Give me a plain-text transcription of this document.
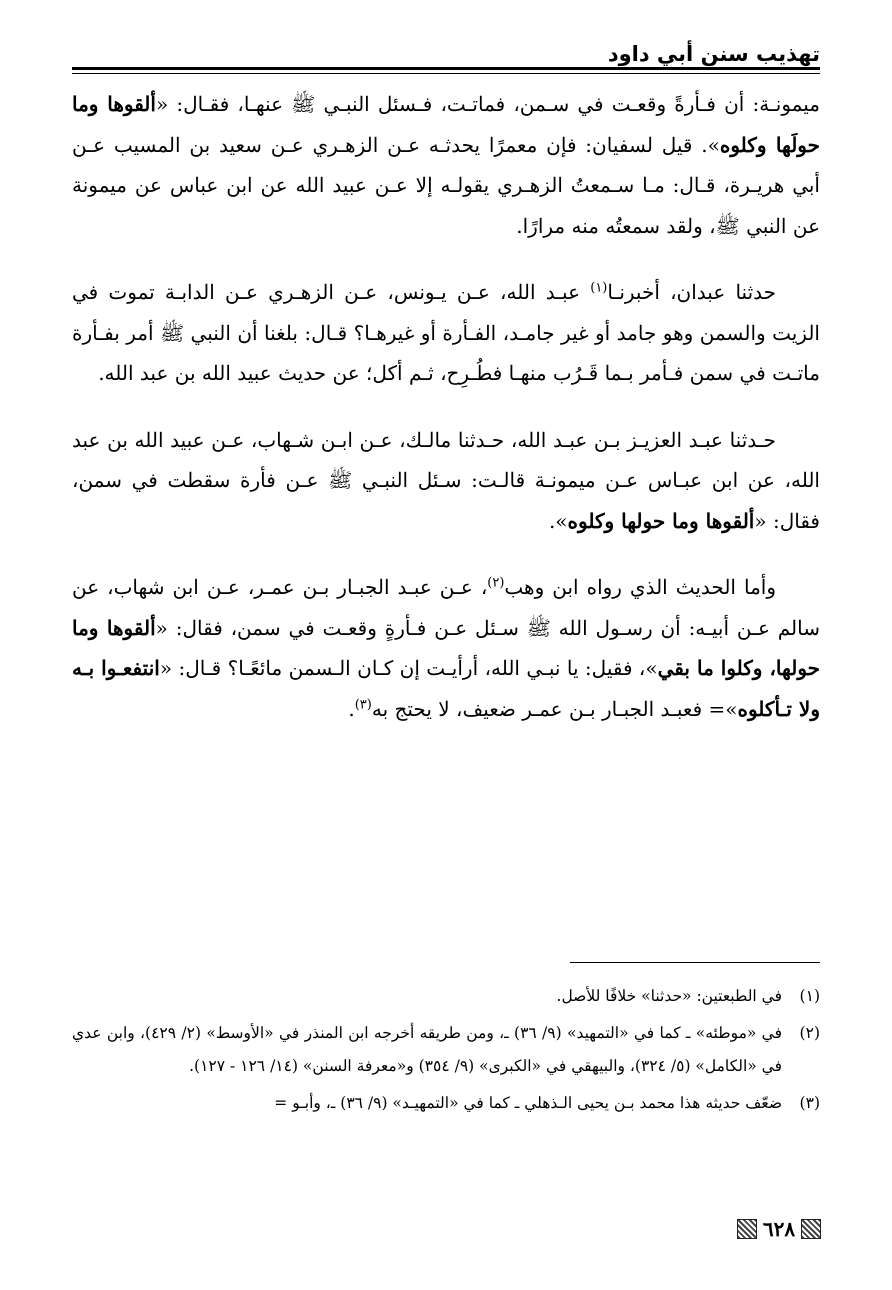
تهذيب سنن أبي داود

ميمونـة: أن فـأرةً وقعـت في سـمن، فماتـت، فـسئل النبـي ﷺ عنهـا، فقـال: «ألقوها وما حولَها وكلوه». قيل لسفيان: فإن معمرًا يحدثـه عـن الزهـري عـن سعيد بن المسيب عـن أبي هريـرة، قـال: مـا سـمعتُ الزهـري يقولـه إلا عـن عبيد الله عن ابن عباس عن ميمونة عن النبي ﷺ، ولقد سمعتُه منه مرارًا.

حدثنا عبدان، أخبرنـا$^{(١)}$ عبـد الله، عـن يـونس، عـن الزهـري عـن الدابـة تموت في الزيت والسمن وهو جامد أو غير جامـد، الفـأرة أو غيرهـا؟ قـال: بلغنا أن النبي ﷺ أمر بفـأرة ماتـت في سمن فـأمر بـما قَـرُب منهـا فطُـرِح، ثـم أكل؛ عن حديث عبيد الله بن عبد الله.

حـدثنا عبـد العزيـز بـن عبـد الله، حـدثنا مالـك، عـن ابـن شـهاب، عـن عبيد الله بن عبد الله، عن ابن عبـاس عـن ميمونـة قالـت: سـئل النبـي ﷺ عـن فأرة سقطت في سمن، فقال: «ألقوها وما حولها وكلوه».

وأما الحديث الذي رواه ابن وهب$^{(٢)}$، عـن عبـد الجبـار بـن عمـر، عـن ابن شهاب، عن سالم عـن أبيـه: أن رسـول الله ﷺ سـئل عـن فـأرةٍ وقعـت في سمن، فقال: «ألقوها وما حولها، وكلوا ما بقي»، فقيل: يا نبـي الله، أرأيـت إن كـان الـسمن مائعًـا؟ قـال: «انتفعـوا بـه ولا تـأكلوه»= فعبـد الجبـار بـن عمـر ضعيف، لا يحتج به$^{(٣)}$.

(١)
في الطبعتين: «حدثنا» خلافًا للأصل.
(٢)
في «موطئه» ـ كما في «التمهيد» (٩/ ٣٦) ـ، ومن طريقه أخرجه ابن المنذر في «الأوسط» (٢/ ٤٢٩)، وابن عدي في «الكامل» (٥/ ٣٢٤)، والبيهقي في «الكبرى» (٩/ ٣٥٤) و«معرفة السنن» (١٤/ ١٢٦ - ١٢٧).
(٣)
ضعّف حديثه هذا محمد بـن يحيى الـذهلي ـ كما في «التمهيـد» (٩/ ٣٦) ـ، وأبـو =
٦٢٨
